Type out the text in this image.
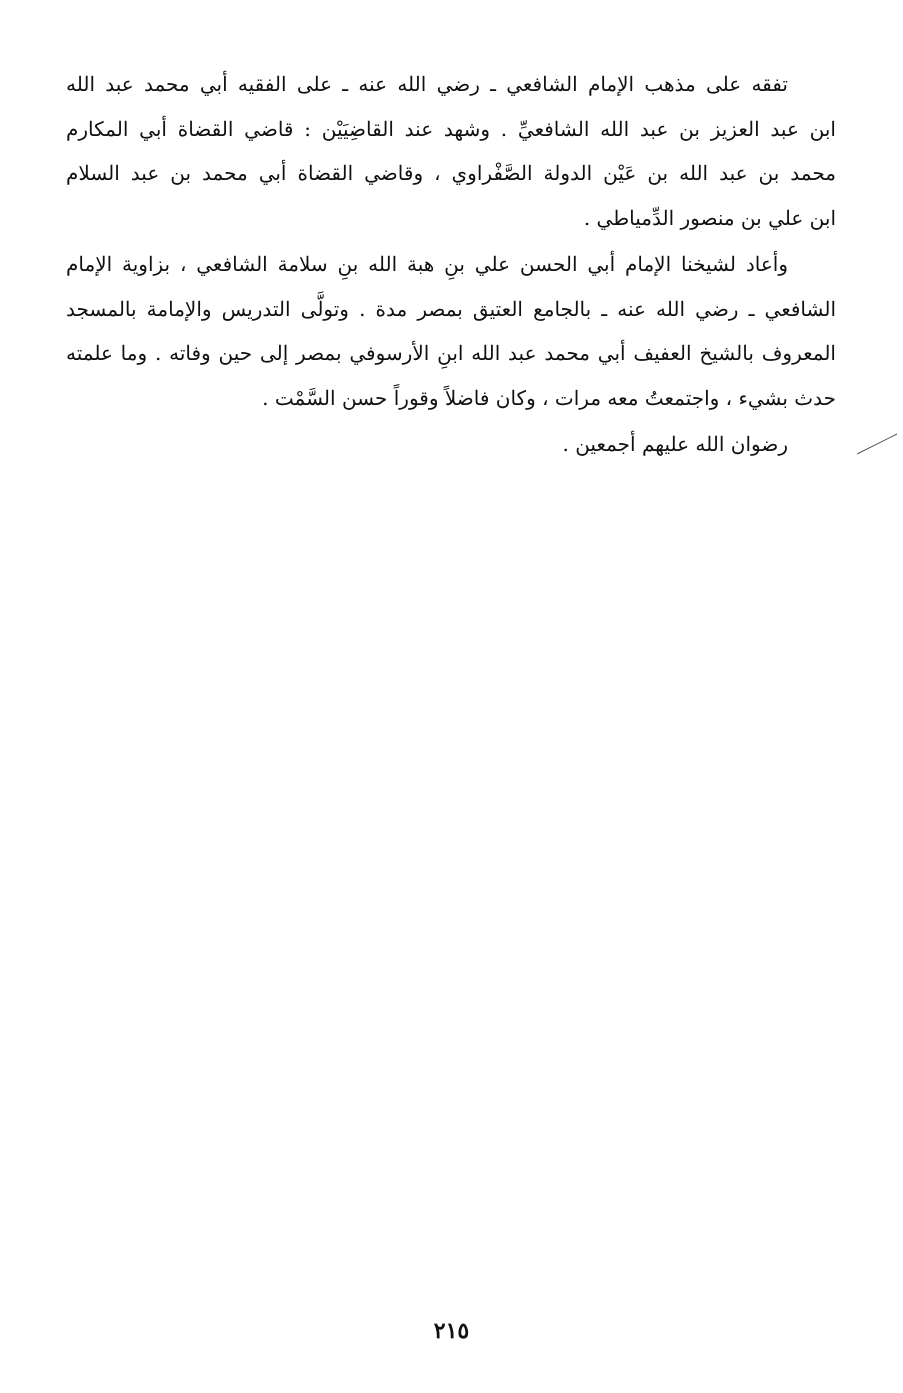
تفقه على مذهب الإمام الشافعي ـ رضي الله عنه ـ على الفقيه أبي محمد عبد الله
ابن عبد العزيز بن عبد الله الشافعيِّ . وشهد عند القاضِيَيْن : قاضي القضاة أبي المكارم
محمد بن عبد الله بن عَيْن الدولة الصَّفْراوي ، وقاضي القضاة أبي محمد بن عبد السلام
ابن علي بن منصور الدِّمياطي .

وأعاد لشيخنا الإمام أبي الحسن علي بنِ هبة الله بنِ سلامة الشافعي ، بزاوية الإمام
الشافعي ـ رضي الله عنه ـ بالجامع العتيق بمصر مدة . وتولَّى التدريس والإمامة بالمسجد
المعروف بالشيخ العفيف أبي محمد عبد الله ابنِ الأرسوفي بمصر إلى حين وفاته . وما علمته
حدث بشيء ، واجتمعتُ معه مرات ، وكان فاضلاً وقوراً حسن السَّمْت .

رضوان الله عليهم أجمعين .

٢١٥
